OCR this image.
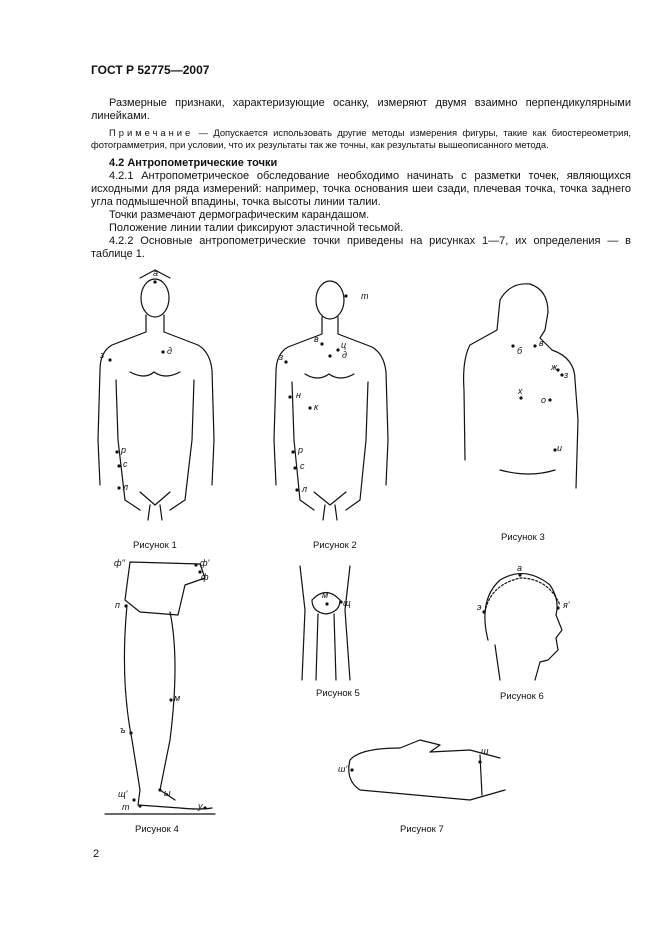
ГОСТ Р 52775—2007
Размерные признаки, характеризующие осанку, измеряют двумя взаимно перпендикулярными линейками.
Примечание — Допускается использовать другие методы измерения фигуры, такие как биостереометрия, фотограмметрия, при условии, что их результаты так же точны, как результаты вышеописанного метода.
4.2 Антропометрические точки
4.2.1 Антропометрическое обследование необходимо начинать с разметки точек, являющихся исходными для ряда измерений: например, точка основания шеи сзади, плечевая точка, точка заднего угла подмышечной впадины, точка высоты линии талии.
Точки размечают дермографическим карандашом.
Положение линии талии фиксируют эластичной тесьмой.
4.2.2 Основные антропометрические точки приведены на рисунках 1—7, их определения — в таблице 1.
а
з	д
р
с
л
Рисунок 1
т
в
ц
д
з
н
к
р
с
л
Рисунок 2
б
в
ж
з
х
о
и
Рисунок 3
ф''	ф'
ф
п
м
ъ
щ'
т
ы
у
Рисунок 4
м
щ
Рисунок 5
а
э	я'
Рисунок 6
ш
ш''
Рисунок 7
2
